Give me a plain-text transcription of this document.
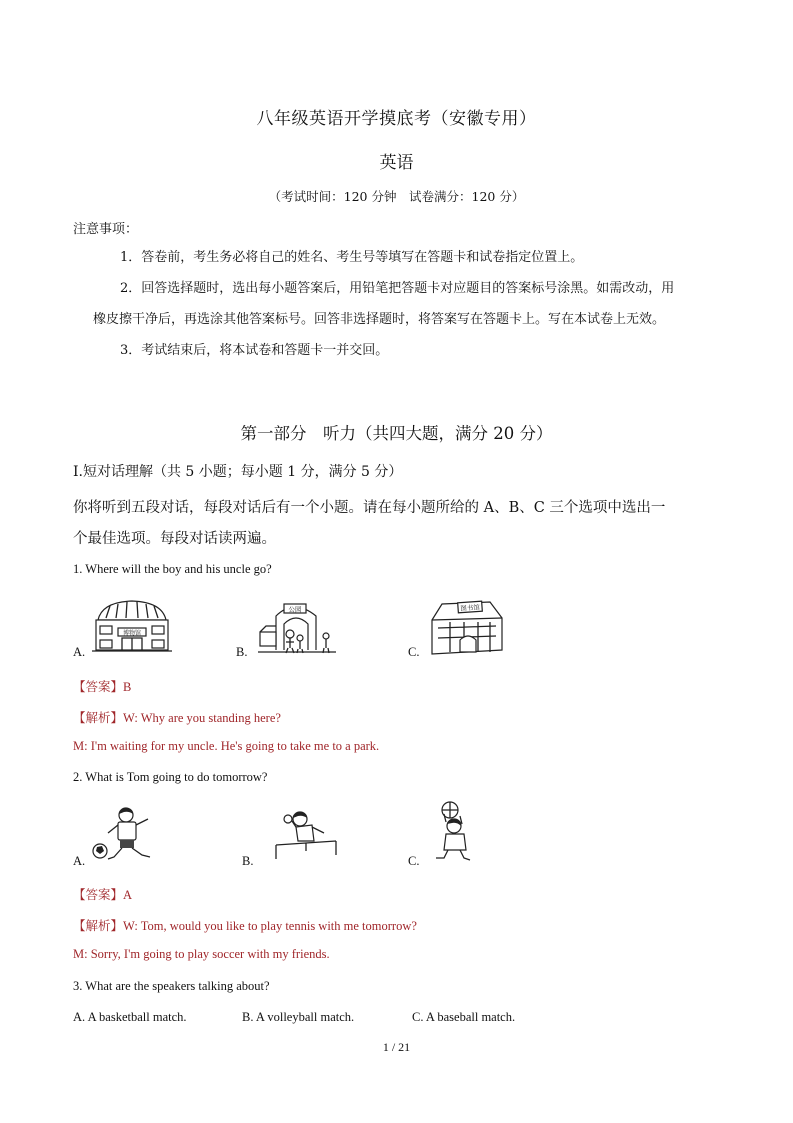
八年级英语开学摸底考（安徽专用）
英语
（考试时间：120 分钟　试卷满分：120 分）
注意事项：
1．答卷前，考生务必将自己的姓名、考生号等填写在答题卡和试卷指定位置上。
2．回答选择题时，选出每小题答案后，用铅笔把答题卡对应题目的答案标号涂黑。如需改动，用
橡皮擦干净后，再选涂其他答案标号。回答非选择题时，将答案写在答题卡上。写在本试卷上无效。
3．考试结束后，将本试卷和答题卡一并交回。
第一部分　听力（共四大题，满分 20 分）
Ⅰ.短对话理解（共 5 小题；每小题 1 分，满分 5 分）
你将听到五段对话，每段对话后有一个小题。请在每小题所给的 A、B、C 三个选项中选出一
个最佳选项。每段对话读两遍。
1. Where will the boy and his uncle go?
A.
博物馆
B.
公园
C.
图书馆
【答案】B
【解析】W: Why are you standing here?
M: I'm waiting for my uncle. He's going to take me to a park.
2. What is Tom going to do tomorrow?
A.	B.	C.
【答案】A
【解析】W: Tom, would you like to play tennis with me tomorrow?
M: Sorry, I'm going to play soccer with my friends.
3. What are the speakers talking about?
A. A basketball match.	B. A volleyball match.	C. A baseball match.
1 / 21
